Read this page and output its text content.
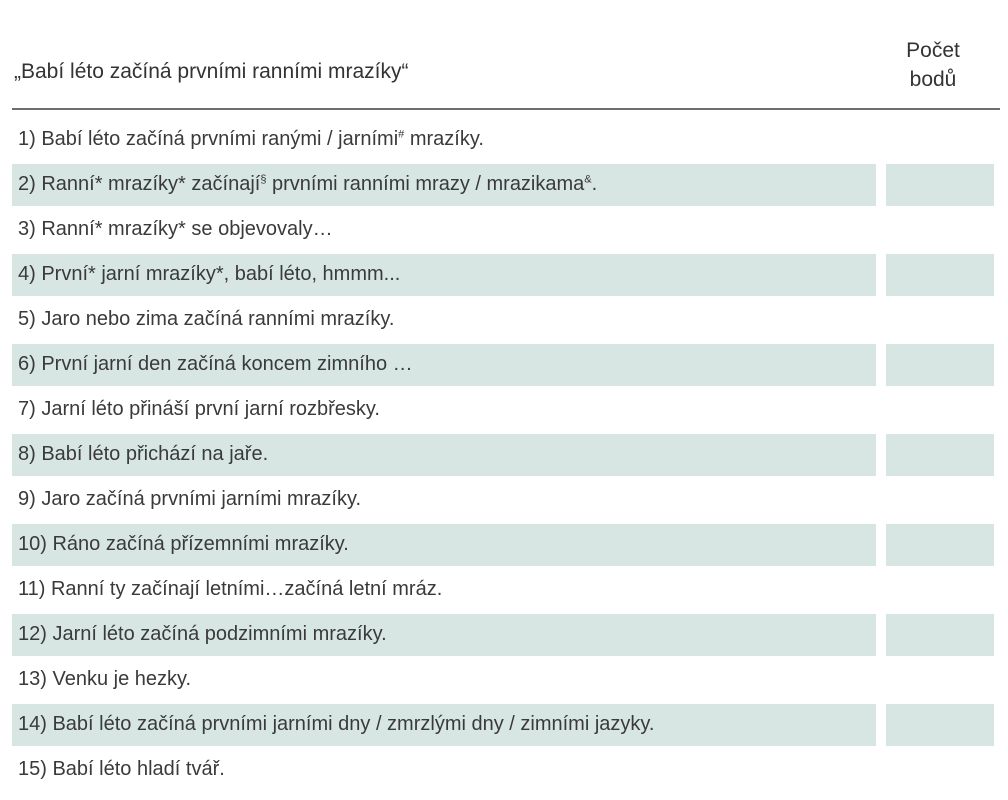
„Babí léto začíná prvními ranními mrazíky“
Počet
bodů
1) Babí léto začíná prvními ranými / jarními# mrazíky.
2) Ranní* mrazíky* začínají§ prvními ranními mrazy / mrazikama&.
3) Ranní* mrazíky* se objevovaly…
4) První* jarní mrazíky*, babí léto, hmmm...
5) Jaro nebo zima začíná ranními mrazíky.
6) První jarní den začíná koncem zimního …
7) Jarní léto přináší první jarní rozbřesky.
8) Babí léto přichází na jaře.
9) Jaro začíná prvními jarními mrazíky.
10) Ráno začíná přízemními mrazíky.
11) Ranní ty začínají letními…začíná letní mráz.
12) Jarní léto začíná podzimními mrazíky.
13) Venku je hezky.
14) Babí léto začíná prvními jarními dny / zmrzlými dny / zimními jazyky.
15) Babí léto hladí tvář.
